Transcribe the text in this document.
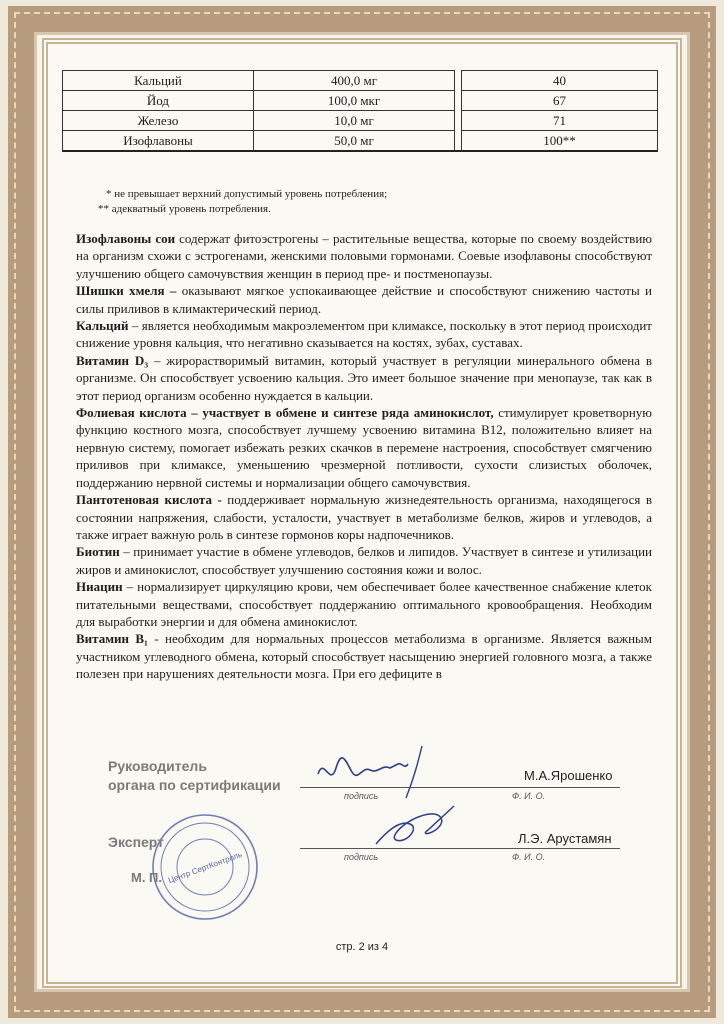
Кальций	400,0 мг		40
Йод	100,0 мкг		67
Железо	10,0 мг		71
Изофлавоны	50,0 мг		100**
* не превышает верхний допустимый уровень потребления;
** адекватный уровень потребления.

Изофлавоны сои содержат фитоэстрогены – растительные вещества, которые по своему воздействию на организм схожи с эстрогенами, женскими половыми гормонами. Соевые изофлавоны способствуют улучшению общего самочувствия женщин в период пре- и постменопаузы.

Шишки хмеля – оказывают мягкое успокаивающее действие и способствуют снижению частоты и силы приливов в климактерический период.

Кальций – является необходимым макроэлементом при климаксе, поскольку в этот период происходит снижение уровня кальция, что негативно сказывается на костях, зубах, суставах.

Витамин D₃ – жирорастворимый витамин, который участвует в регуляции минерального обмена в организме. Он способствует усвоению кальция. Это имеет большое значение при менопаузе, так как в этот период организм особенно нуждается в кальции.

Фолиевая кислота – участвует в обмене и синтезе ряда аминокислот, стимулирует кроветворную функцию костного мозга, способствует лучшему усвоению витамина B12, положительно влияет на нервную систему, помогает избежать резких скачков в перемене настроения, способствует смягчению приливов при климаксе, уменьшению чрезмерной потливости, сухости слизистых оболочек, поддержанию нервной системы и нормализации общего самочувствия.

Пантотеновая кислота - поддерживает нормальную жизнедеятельность организма, находящегося в состоянии напряжения, слабости, усталости, участвует в метаболизме белков, жиров и углеводов, а также играет важную роль в синтезе гормонов коры надпочечников.

Биотин – принимает участие в обмене углеводов, белков и липидов. Участвует в синтезе и утилизации жиров и аминокислот, способствует улучшению состояния кожи и волос.

Ниацин – нормализирует циркуляцию крови, чем обеспечивает более качественное снабжение клеток питательными веществами, способствует поддержанию оптимального кровообращения. Необходим для выработки энергии и для обмена аминокислот.

Витамин B₁ - необходим для нормальных процессов метаболизма в организме. Является важным участником углеводного обмена, который способствует насыщению энергией головного мозга, а также полезен при нарушениях деятельности мозга. При его дефиците в

Руководитель
органа по сертификации
подпись	Ф. И. О.
М.А.Ярошенко
Эксперт
подпись	Ф. И. О.
Л.Э. Арустамян
Центр СертКонтроль
М. П.
стр. 2 из 4
